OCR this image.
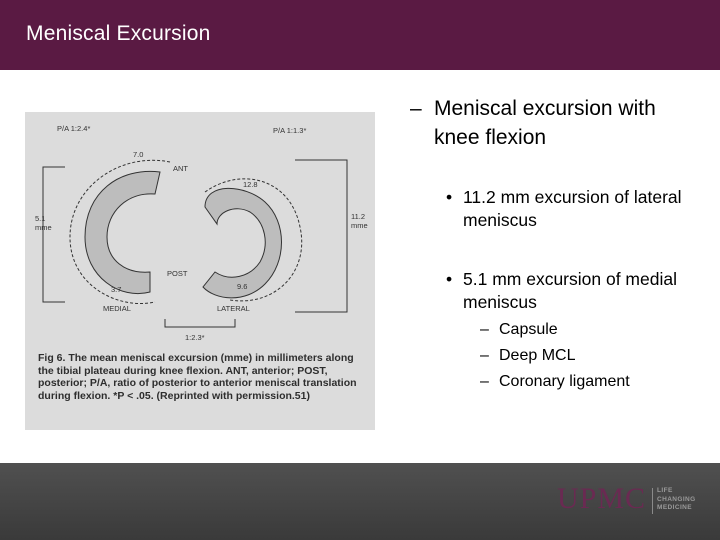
Meniscal Excursion
P/A 1:2.4*	P/A 1:1.3*
7.0
ANT
12.8
5.1
mme
11.2
mme
POST
9.6
3.7
MEDIAL	LATERAL
1:2.3*
Fig 6. The mean meniscal excursion (mme) in millimeters along the tibial plateau during knee flexion. ANT, anterior; POST, posterior; P/A, ratio of posterior to anterior meniscal translation during flexion. *P < .05. (Reprinted with permission.51)
– Meniscal excursion with knee flexion
• 11.2 mm excursion of lateral meniscus
• 5.1 mm excursion of medial meniscus
– Capsule
– Deep MCL
– Coronary ligament
UPMC LIFE
CHANGING
MEDICINE
